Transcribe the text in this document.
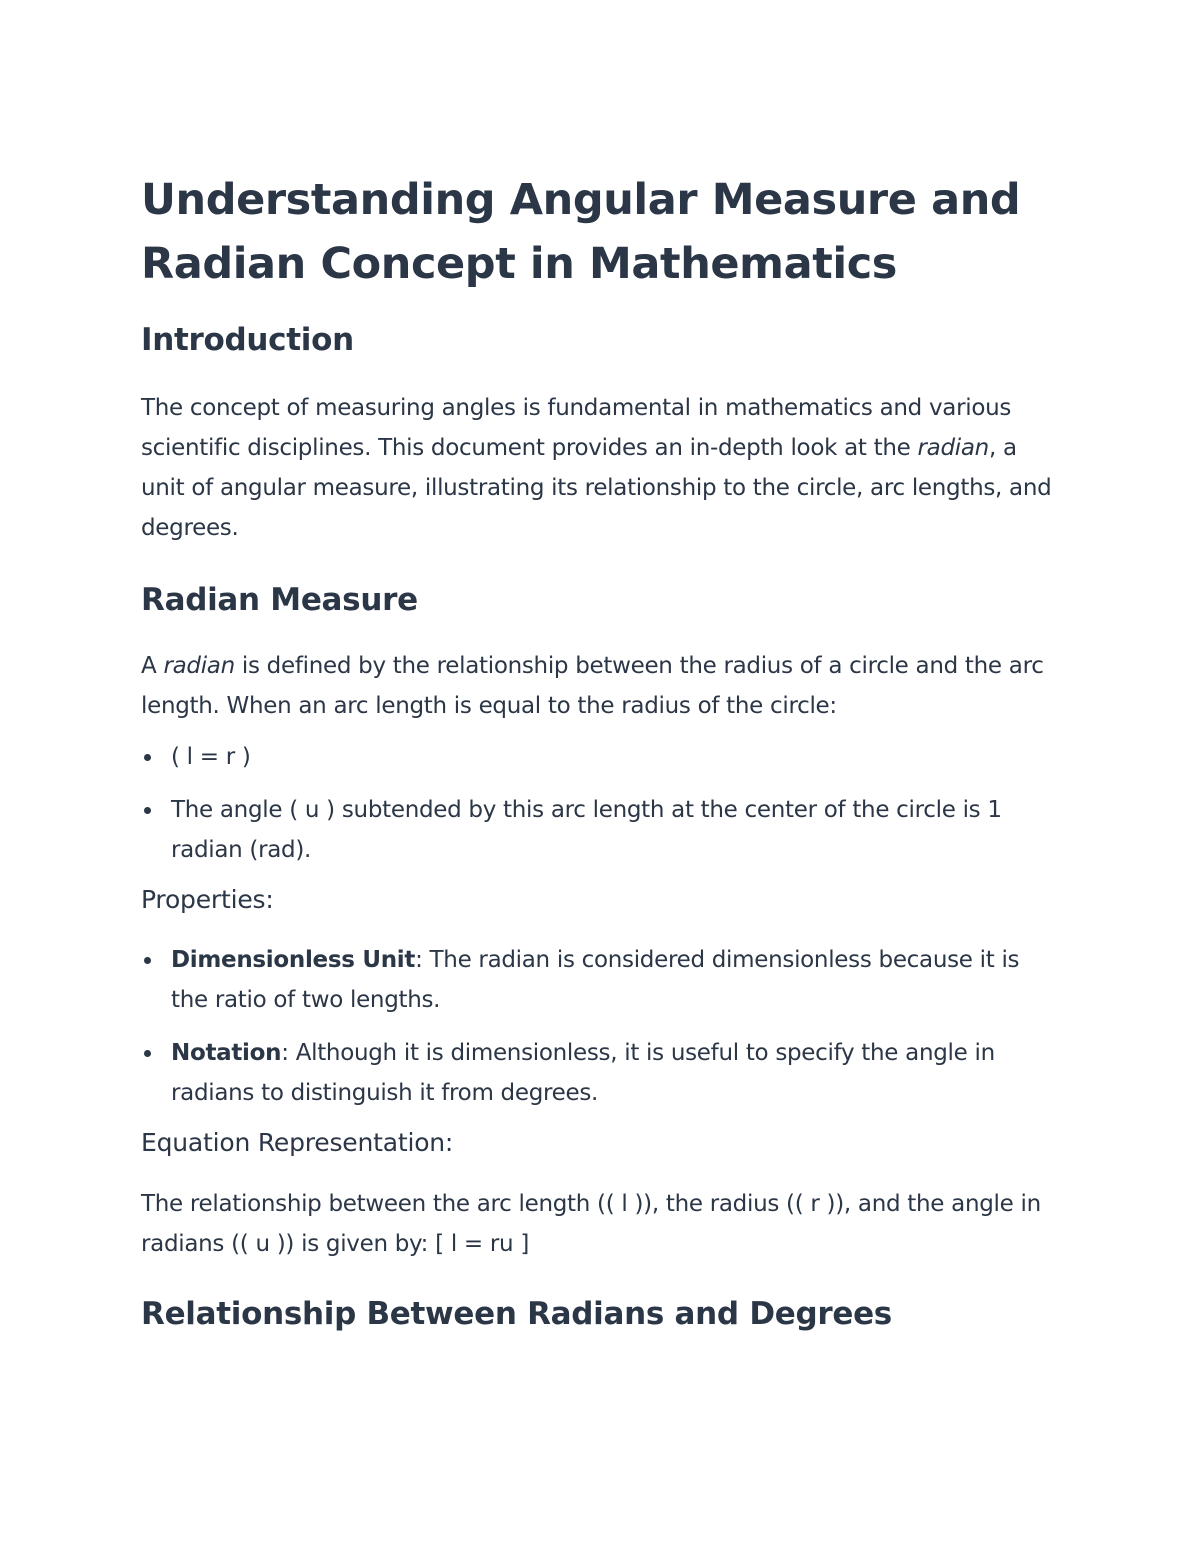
Understanding Angular Measure and Radian Concept in Mathematics
Introduction

The concept of measuring angles is fundamental in mathematics and various scientific disciplines. This document provides an in-depth look at the radian, a unit of angular measure, illustrating its relationship to the circle, arc lengths, and degrees.

Radian Measure

A radian is defined by the relationship between the radius of a circle and the arc length. When an arc length is equal to the radius of the circle:

( l = r )
The angle ( u ) subtended by this arc length at the center of the circle is 1 radian (rad).
Properties:
Dimensionless Unit: The radian is considered dimensionless because it is the ratio of two lengths.
Notation: Although it is dimensionless, it is useful to specify the angle in radians to distinguish it from degrees.
Equation Representation:

The relationship between the arc length (( l )), the radius (( r )), and the angle in radians (( u )) is given by: [ l = ru ]

Relationship Between Radians and Degrees
